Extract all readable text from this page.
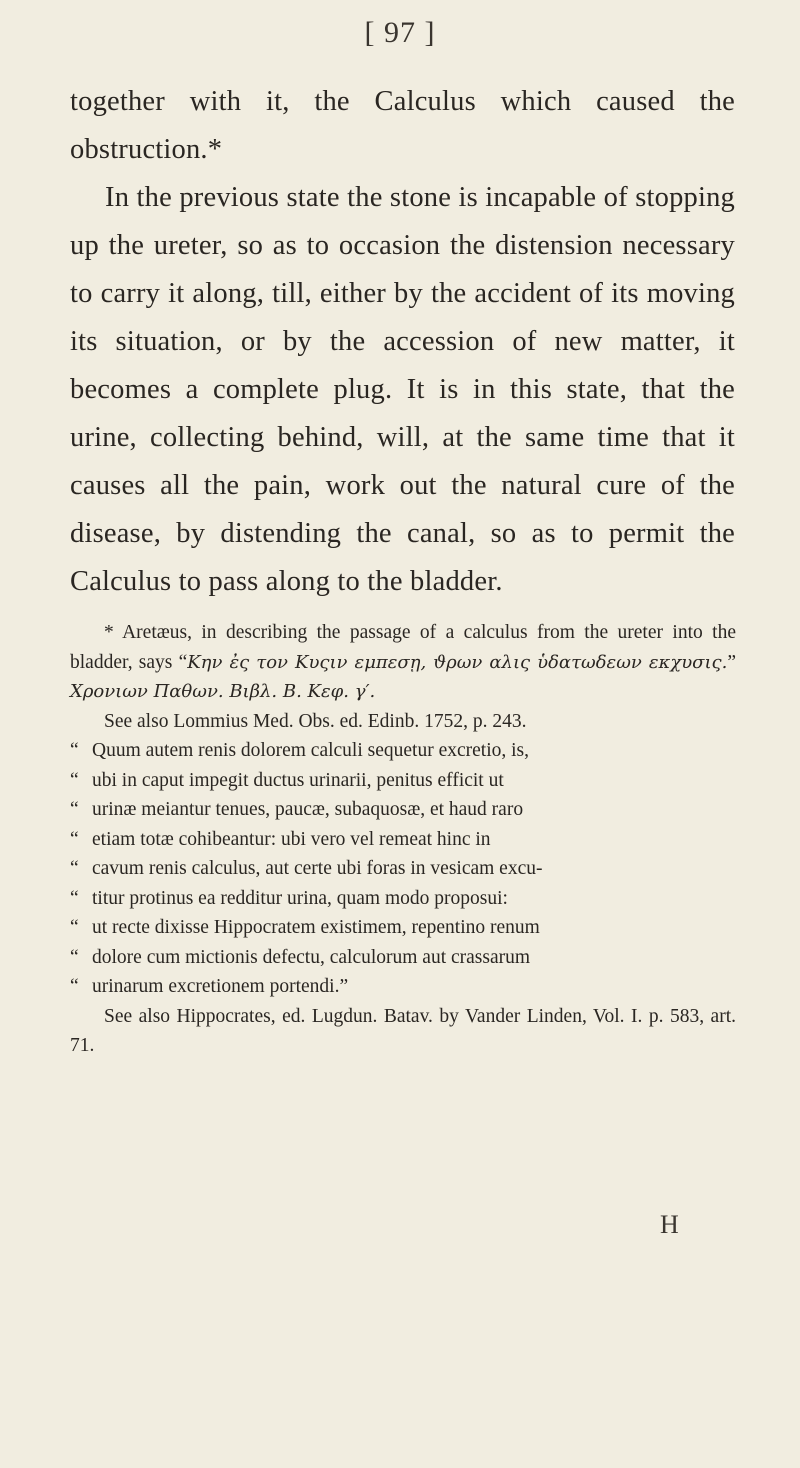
[ 97 ]

together with it, the Calculus which caused the obstruction.*

In the previous state the stone is incapable of stopping up the ureter, so as to occasion the distension necessary to carry it along, till, either by the accident of its moving its situation, or by the accession of new matter, it becomes a complete plug. It is in this state, that the urine, collecting behind, will, at the same time that it causes all the pain, work out the natural cure of the disease, by distending the canal, so as to permit the Calculus to pass along to the bladder.

* Aretæus, in describing the passage of a calculus from the ureter into the bladder, says “Κην ἐς τον Κυςιν εμπεσῃ, ϑρων αλις ὑδατωδεων εκχυσις.” Χρονιων Παθων. Βιβλ. Β. Κεφ. γ′.

See also Lommius Med. Obs. ed. Edinb. 1752, p. 243.

“ Quum autem renis dolorem calculi sequetur excretio, is,
“ ubi in caput impegit ductus urinarii, penitus efficit ut
“ urinæ meiantur tenues, paucæ, subaquosæ, et haud raro
“ etiam totæ cohibeantur: ubi vero vel remeat hinc in
“ cavum renis calculus, aut certe ubi foras in vesicam excu-
“ titur protinus ea redditur urina, quam modo proposui:
“ ut recte dixisse Hippocratem existimem, repentino renum
“ dolore cum mictionis defectu, calculorum aut crassarum
“ urinarum excretionem portendi.”

See also Hippocrates, ed. Lugdun. Batav. by Vander Linden, Vol. I. p. 583, art. 71.

H
